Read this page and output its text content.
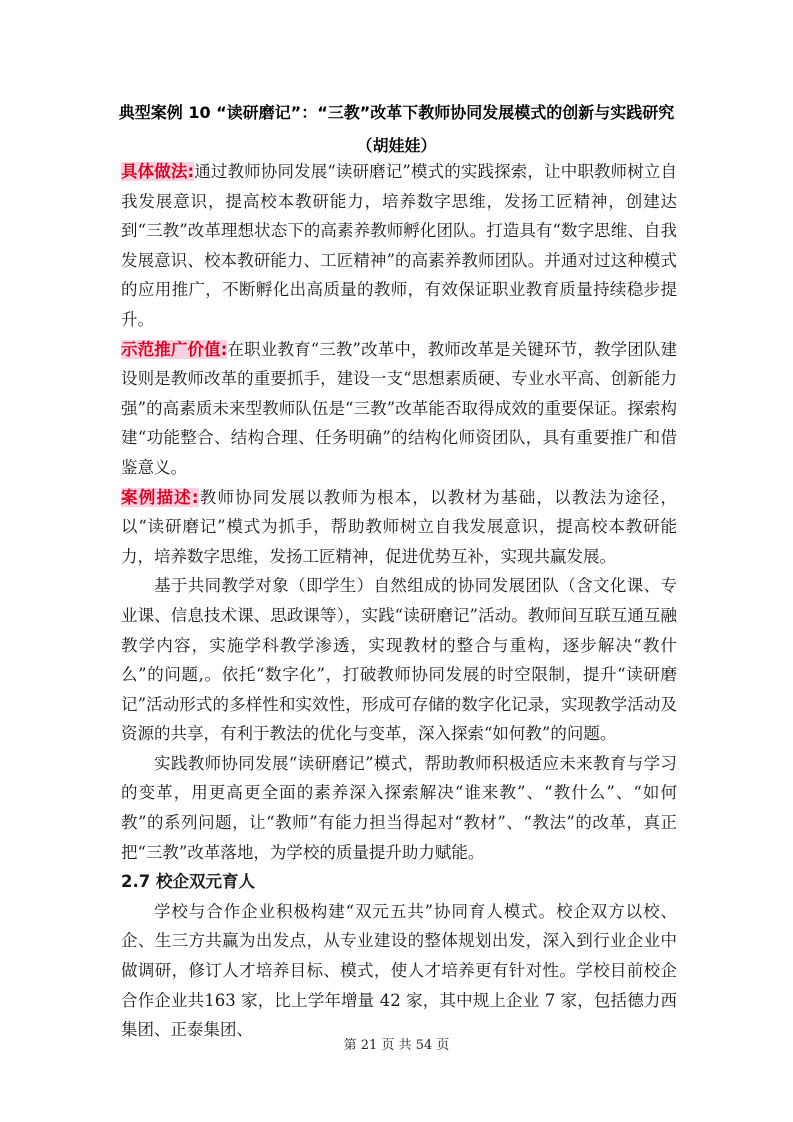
典型案例 10 “读研磨记”：“三教”改革下教师协同发展模式的创新与实践研究
（胡娃娃）

具体做法:通过教师协同发展“读研磨记”模式的实践探索，让中职教师树立自我发展意识，提高校本教研能力，培养数字思维，发扬工匠精神，创建达到“三教”改革理想状态下的高素养教师孵化团队。打造具有“数字思维、自我发展意识、校本教研能力、工匠精神”的高素养教师团队。并通对过这种模式的应用推广，不断孵化出高质量的教师，有效保证职业教育质量持续稳步提升。

示范推广价值:在职业教育“三教”改革中，教师改革是关键环节，教学团队建设则是教师改革的重要抓手，建设一支“思想素质硬、专业水平高、创新能力强”的高素质未来型教师队伍是“三教”改革能否取得成效的重要保证。探索构建“功能整合、结构合理、任务明确”的结构化师资团队，具有重要推广和借鉴意义。

案例描述:教师协同发展以教师为根本，以教材为基础，以教法为途径，以“读研磨记”模式为抓手，帮助教师树立自我发展意识，提高校本教研能力，培养数字思维，发扬工匠精神，促进优势互补，实现共赢发展。

基于共同教学对象（即学生）自然组成的协同发展团队（含文化课、专业课、信息技术课、思政课等），实践“读研磨记”活动。教师间互联互通互融教学内容，实施学科教学渗透，实现教材的整合与重构，逐步解决“教什么”的问题,。依托“数字化”，打破教师协同发展的时空限制，提升“读研磨记”活动形式的多样性和实效性，形成可存储的数字化记录，实现教学活动及资源的共享，有利于教法的优化与变革，深入探索“如何教”的问题。

实践教师协同发展“读研磨记”模式，帮助教师积极适应未来教育与学习的变革，用更高更全面的素养深入探索解决“谁来教”、“教什么”、“如何教”的系列问题，让“教师”有能力担当得起对“教材”、“教法”的改革，真正把“三教”改革落地，为学校的质量提升助力赋能。

2.7 校企双元育人

学校与合作企业积极构建“双元五共”协同育人模式。校企双方以校、企、生三方共赢为出发点，从专业建设的整体规划出发，深入到行业企业中做调研，修订人才培养目标、模式，使人才培养更有针对性。学校目前校企合作企业共163 家，比上学年增量 42 家，其中规上企业 7 家，包括德力西集团、正泰集团、

第 21 页 共 54 页
